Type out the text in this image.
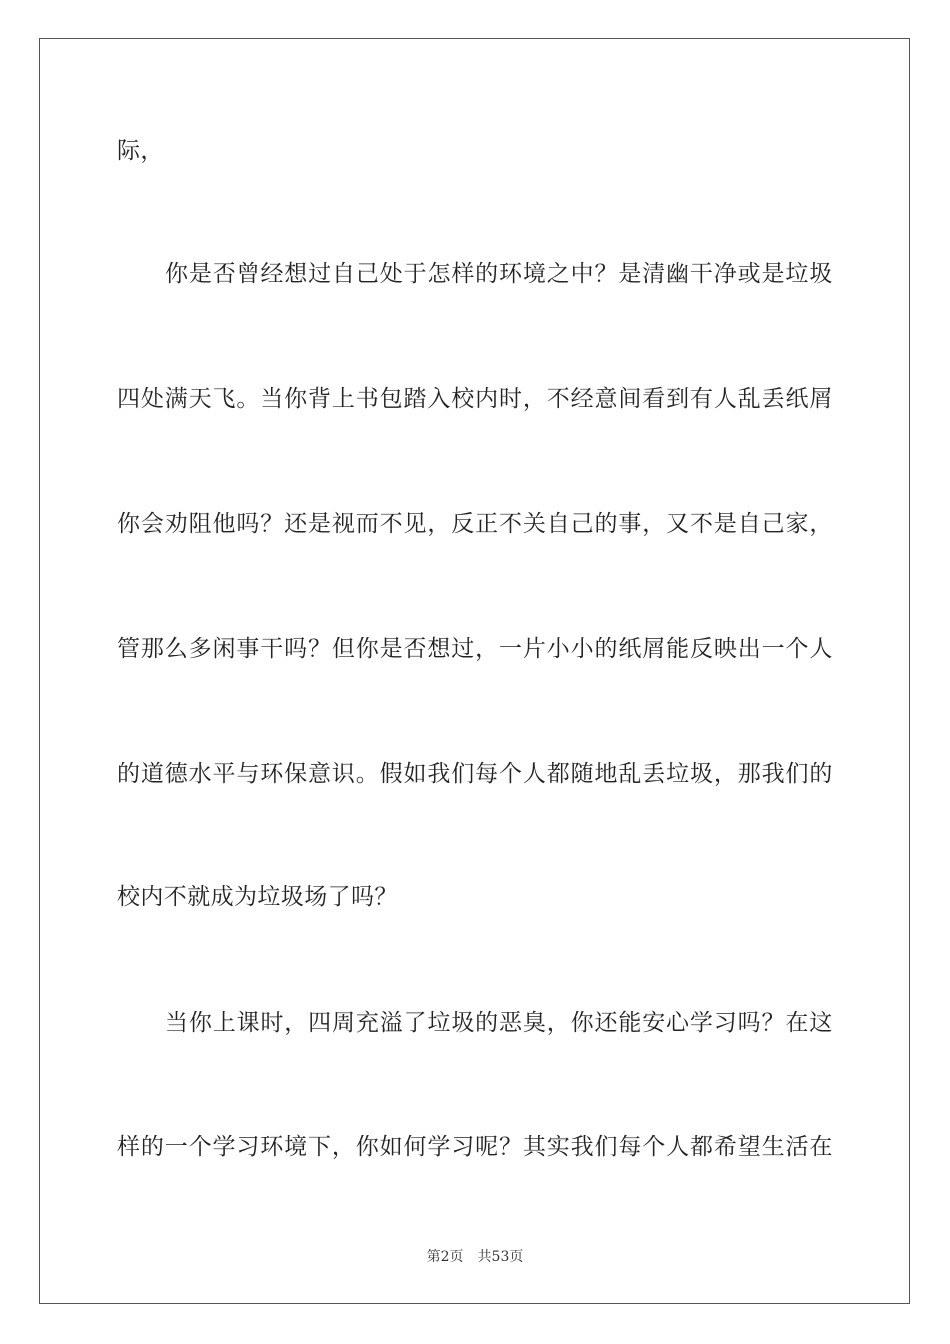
际，
你 是 否 曾 经 想 过 自 己 处 于 怎 样 的 环 境 之 中 ？ 是 清 幽 干 净 或 是 垃 圾
四 处 满 天 飞 。 当 你 背 上 书 包 踏 入 校 内 时 ， 不 经 意 间 看 到 有 人 乱 丢 纸 屑
你 会 劝 阻 他 吗 ？ 还 是 视 而 不 见 ， 反 正 不 关 自 己 的 事 ， 又 不 是 自 己 家 ，
管 那 么 多 闲 事 干 吗 ？ 但 你 是 否 想 过 ， 一 片 小 小 的 纸 屑 能 反 映 出 一 个 人
的 道 德 水 平 与 环 保 意 识 。 假 如 我 们 每 个 人 都 随 地 乱 丢 垃 圾 ， 那 我 们 的
校内不就成为垃圾场了吗？
当 你 上 课 时 ， 四 周 充 溢 了 垃 圾 的 恶 臭 ， 你 还 能 安 心 学 习 吗 ？ 在 这
样 的 一 个 学 习 环 境 下 ， 你 如 何 学 习 呢 ？ 其 实 我 们 每 个 人 都 希 望 生 活 在
第2页 共53页
